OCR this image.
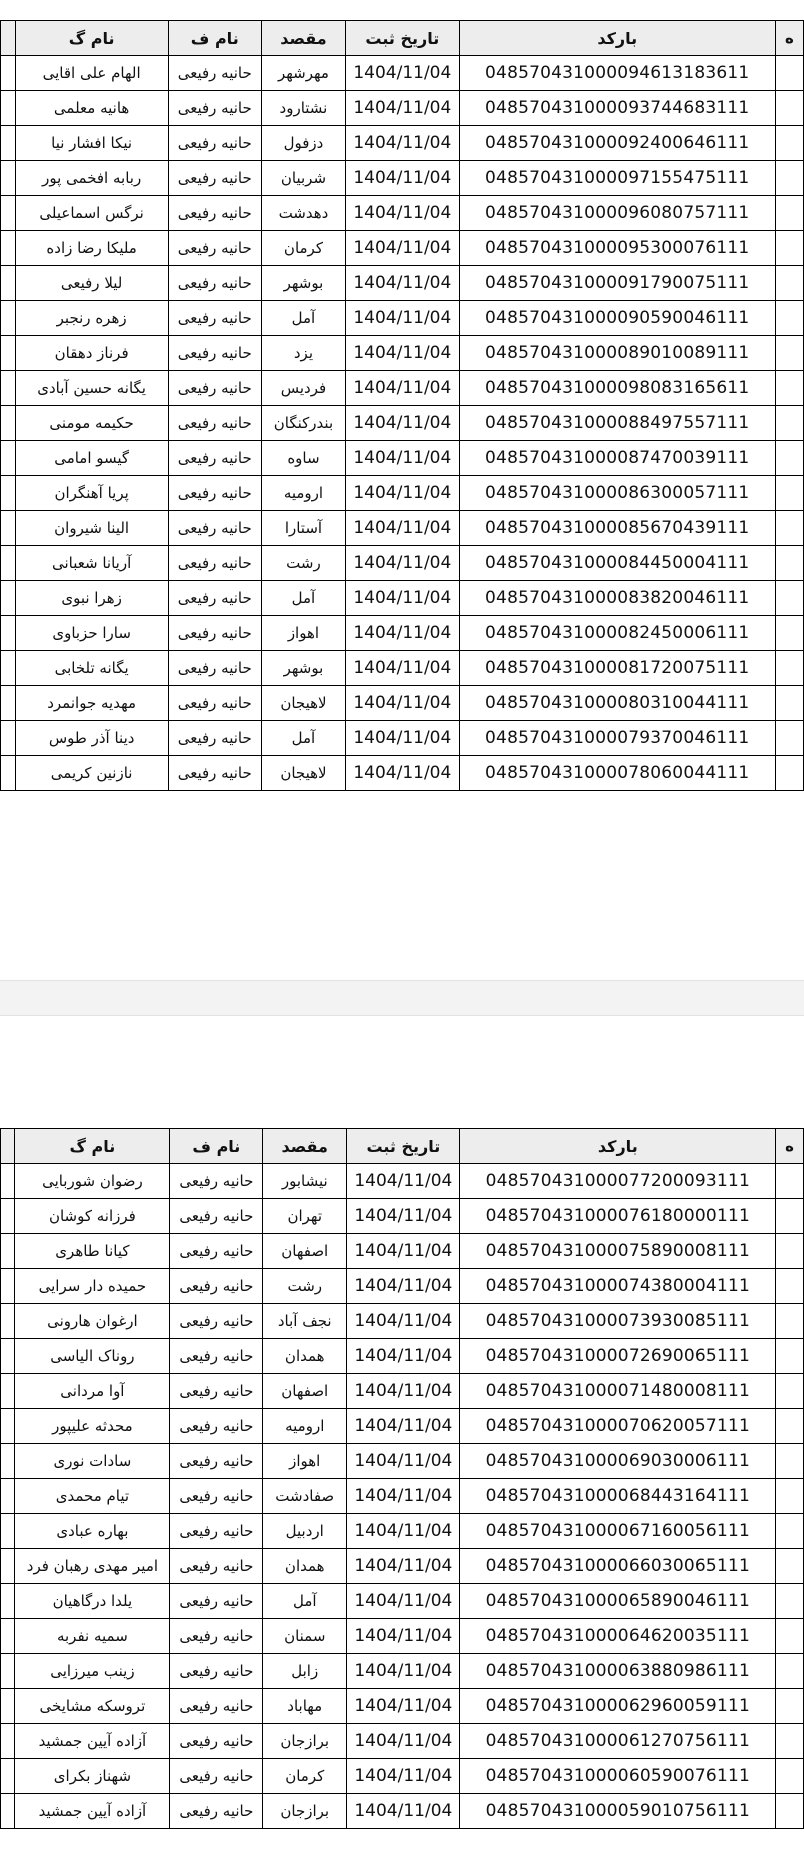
	نام گ	نام ف	مقصد	تاریخ ثبت	بارکد	ه
	الهام علی اقایی	حانیه رفیعی	مهرشهر	1404/11/04	048570431000094613183611	
	هانیه معلمی	حانیه رفیعی	نشتارود	1404/11/04	048570431000093744683111	
	نیکا افشار نیا	حانیه رفیعی	دزفول	1404/11/04	048570431000092400646111	
	ربابه افخمی پور	حانیه رفیعی	شربیان	1404/11/04	048570431000097155475111	
	نرگس اسماعیلی	حانیه رفیعی	دهدشت	1404/11/04	048570431000096080757111	
	ملیکا رضا زاده	حانیه رفیعی	کرمان	1404/11/04	048570431000095300076111	
	لیلا رفیعی	حانیه رفیعی	بوشهر	1404/11/04	048570431000091790075111	
	زهره رنجبر	حانیه رفیعی	آمل	1404/11/04	048570431000090590046111	
	فرناز دهقان	حانیه رفیعی	یزد	1404/11/04	048570431000089010089111	
	یگانه حسین آبادی	حانیه رفیعی	فردیس	1404/11/04	048570431000098083165611	
	حکیمه مومنی	حانیه رفیعی	بندرکنگان	1404/11/04	048570431000088497557111	
	گیسو امامی	حانیه رفیعی	ساوه	1404/11/04	048570431000087470039111	
	پریا آهنگران	حانیه رفیعی	ارومیه	1404/11/04	048570431000086300057111	
	الینا شیروان	حانیه رفیعی	آستارا	1404/11/04	048570431000085670439111	
	آریانا شعبانی	حانیه رفیعی	رشت	1404/11/04	048570431000084450004111	
	زهرا نبوی	حانیه رفیعی	آمل	1404/11/04	048570431000083820046111	
	سارا حزباوی	حانیه رفیعی	اهواز	1404/11/04	048570431000082450006111	
	یگانه تلخابی	حانیه رفیعی	بوشهر	1404/11/04	048570431000081720075111	
	مهدیه جوانمرد	حانیه رفیعی	لاهیجان	1404/11/04	048570431000080310044111	
	دینا آذر طوس	حانیه رفیعی	آمل	1404/11/04	048570431000079370046111	
	نازنین کریمی	حانیه رفیعی	لاهیجان	1404/11/04	048570431000078060044111	
	نام گ	نام ف	مقصد	تاریخ ثبت	بارکد	ه
	رضوان شوربایی	حانیه رفیعی	نیشابور	1404/11/04	048570431000077200093111	
	فرزانه کوشان	حانیه رفیعی	تهران	1404/11/04	048570431000076180000111	
	کیانا طاهری	حانیه رفیعی	اصفهان	1404/11/04	048570431000075890008111	
	حمیده دار سرایی	حانیه رفیعی	رشت	1404/11/04	048570431000074380004111	
	ارغوان هارونی	حانیه رفیعی	نجف آباد	1404/11/04	048570431000073930085111	
	روناک الیاسی	حانیه رفیعی	همدان	1404/11/04	048570431000072690065111	
	آوا مردانی	حانیه رفیعی	اصفهان	1404/11/04	048570431000071480008111	
	محدثه علیپور	حانیه رفیعی	ارومیه	1404/11/04	048570431000070620057111	
	سادات نوری	حانیه رفیعی	اهواز	1404/11/04	048570431000069030006111	
	تیام محمدی	حانیه رفیعی	صفادشت	1404/11/04	048570431000068443164111	
	بهاره عبادی	حانیه رفیعی	اردبیل	1404/11/04	048570431000067160056111	
	امیر مهدی رهبان فرد	حانیه رفیعی	همدان	1404/11/04	048570431000066030065111	
	یلدا درگاهیان	حانیه رفیعی	آمل	1404/11/04	048570431000065890046111	
	سمیه نفربه	حانیه رفیعی	سمنان	1404/11/04	048570431000064620035111	
	زینب میرزایی	حانیه رفیعی	زابل	1404/11/04	048570431000063880986111	
	تروسکه مشایخی	حانیه رفیعی	مهاباد	1404/11/04	048570431000062960059111	
	آزاده آیین جمشید	حانیه رفیعی	برازجان	1404/11/04	048570431000061270756111	
	شهناز بکرای	حانیه رفیعی	کرمان	1404/11/04	048570431000060590076111	
	آزاده آیین جمشید	حانیه رفیعی	برازجان	1404/11/04	048570431000059010756111	
